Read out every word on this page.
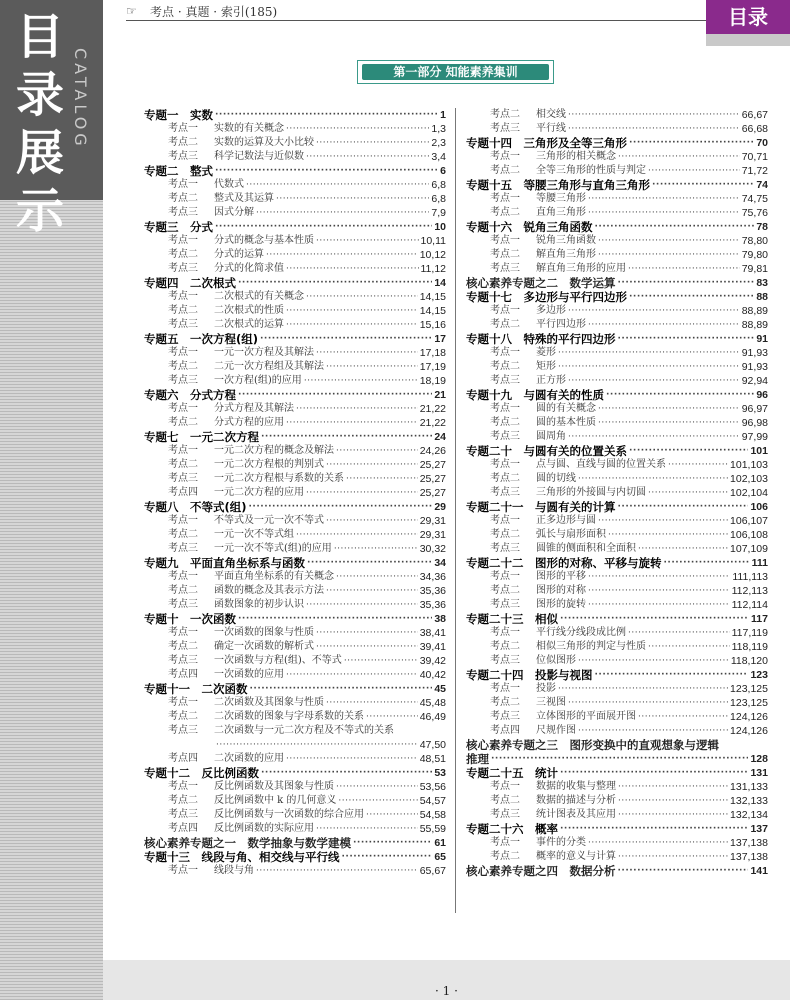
目
录
展
示
CATALOG
目录
☞ 考点 · 真题 · 索引(185)
第一部分 知能素养集训
专题一　实数 ·····	1
考点一 实数的有关概念 ·····	1,3
考点二 实数的运算及大小比较 ·····	2,3
考点三 科学记数法与近似数 ·····	3,4
专题二　整式 ·····	6
考点一 代数式 ·····	6,8
考点二 整式及其运算 ·····	6,8
考点三 因式分解 ·····	7,9
专题三　分式 ·····	10
考点一 分式的概念与基本性质 ·····	10,11
考点二 分式的运算 ·····	10,12
考点三 分式的化简求值 ·····	11,12
专题四　二次根式 ·····	14
考点一 二次根式的有关概念 ·····	14,15
考点二 二次根式的性质 ·····	14,15
考点三 二次根式的运算 ·····	15,16
专题五　一次方程(组) ·····	17
考点一 一元一次方程及其解法 ·····	17,18
考点二 二元一次方程组及其解法 ·····	17,19
考点三 一次方程(组)的应用 ·····	18,19
专题六　分式方程 ·····	21
考点一 分式方程及其解法 ·····	21,22
考点二 分式方程的应用 ·····	21,22
专题七　一元二次方程 ·····	24
考点一 一元二次方程的概念及解法 ·····	24,26
考点二 一元二次方程根的判别式 ·····	25,27
考点三 一元二次方程根与系数的关系 ·····	25,27
考点四 一元二次方程的应用 ·····	25,27
专题八　不等式(组) ·····	29
考点一 不等式及一元一次不等式 ·····	29,31
考点二 一元一次不等式组 ·····	29,31
考点三 一元一次不等式(组)的应用 ·····	30,32
专题九　平面直角坐标系与函数 ·····	34
考点一 平面直角坐标系的有关概念 ·····	34,36
考点二 函数的概念及其表示方法 ·····	35,36
考点三 函数图象的初步认识 ·····	35,36
专题十　一次函数 ·····	38
考点一 一次函数的图象与性质 ·····	38,41
考点二 确定一次函数的解析式 ·····	39,41
考点三 一次函数与方程(组)、不等式 ·····	39,42
考点四 一次函数的应用 ·····	40,42
专题十一　二次函数 ·····	45
考点一 二次函数及其图象与性质 ·····	45,48
考点二 二次函数的图象与字母系数的关系 ·····	46,49
考点三 二次函数与一元二次方程及不等式的关系
·····
47,50
考点四 二次函数的应用 ·····	48,51
专题十二　反比例函数 ·····	53
考点一 反比例函数及其图象与性质 ·····	53,56
考点二 反比例函数中 k 的几何意义 ·····	54,57
考点三 反比例函数与一次函数的综合应用 ·····	54,58
考点四 反比例函数的实际应用 ·····	55,59
核心素养专题之一　数学抽象与数学建模 ·····	61
专题十三　线段与角、相交线与平行线 ·····	65
考点一 线段与角 ·····	65,67
考点二 相交线 ·····	66,67
考点三 平行线 ·····	66,68
专题十四　三角形及全等三角形 ·····	70
考点一 三角形的相关概念 ·····	70,71
考点二 全等三角形的性质与判定 ·····	71,72
专题十五　等腰三角形与直角三角形 ·····	74
考点一 等腰三角形 ·····	74,75
考点二 直角三角形 ·····	75,76
专题十六　锐角三角函数 ·····	78
考点一 锐角三角函数 ·····	78,80
考点二 解直角三角形 ·····	79,80
考点三 解直角三角形的应用 ·····	79,81
核心素养专题之二　数学运算 ·····	83
专题十七　多边形与平行四边形 ·····	88
考点一 多边形 ·····	88,89
考点二 平行四边形 ·····	88,89
专题十八　特殊的平行四边形 ·····	91
考点一 菱形 ·····	91,93
考点二 矩形 ·····	91,93
考点三 正方形 ·····	92,94
专题十九　与圆有关的性质 ·····	96
考点一 圆的有关概念 ·····	96,97
考点二 圆的基本性质 ·····	96,98
考点三 圆周角 ·····	97,99
专题二十　与圆有关的位置关系 ·····	101
考点一 点与圆、直线与圆的位置关系 ·····	101,103
考点二 圆的切线 ·····	102,103
考点三 三角形的外接圆与内切圆 ·····	102,104
专题二十一　与圆有关的计算 ·····	106
考点一 正多边形与圆 ·····	106,107
考点二 弧长与扇形面积 ·····	106,108
考点三 圆锥的侧面积和全面积 ·····	107,109
专题二十二　图形的对称、平移与旋转 ·····	111
考点一 图形的平移 ·····	111,113
考点二 图形的对称 ·····	112,113
考点三 图形的旋转 ·····	112,114
专题二十三　相似 ·····	117
考点一 平行线分线段成比例 ·····	117,119
考点二 相似三角形的判定与性质 ·····	118,119
考点三 位似图形 ·····	118,120
专题二十四　投影与视图 ·····	123
考点一 投影 ·····	123,125
考点二 三视图 ·····	123,125
考点三 立体图形的平面展开图 ·····	124,126
考点四 尺规作图 ·····	124,126
核心素养专题之三　图形变换中的直观想象与逻辑
推理 ·····	128
专题二十五　统计 ·····	131
考点一 数据的收集与整理 ·····	131,133
考点二 数据的描述与分析 ·····	132,133
考点三 统计图表及其应用 ·····	132,134
专题二十六　概率 ·····	137
考点一 事件的分类 ·····	137,138
考点二 概率的意义与计算 ·····	137,138
核心素养专题之四　数据分析 ·····	141
· 1 ·
